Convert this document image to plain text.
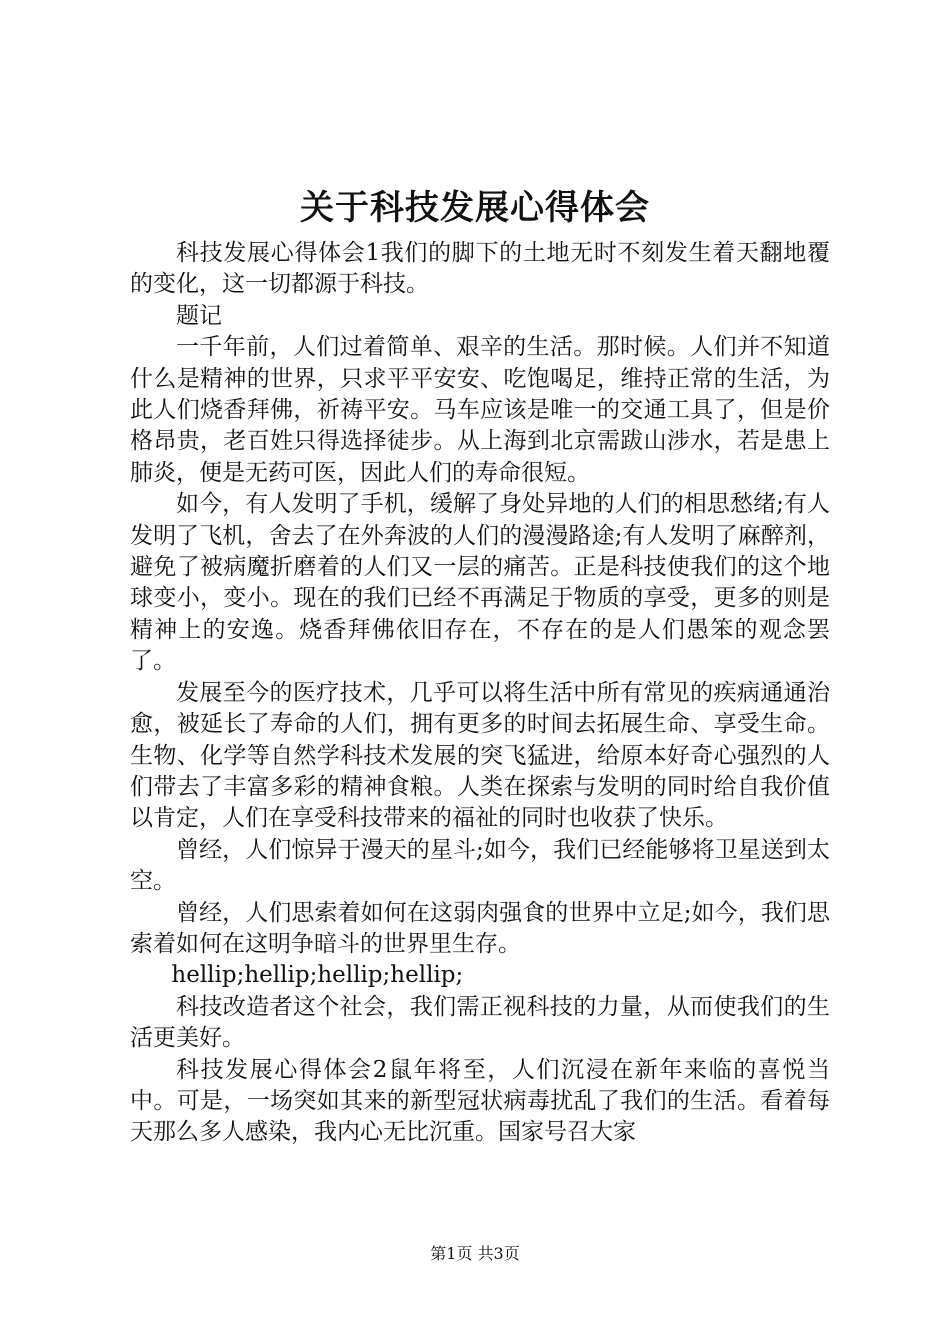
关于科技发展心得体会

科技发展心得体会1我们的脚下的土地无时不刻发生着天翻地覆的变化，这一切都源于科技。

题记

一千年前，人们过着简单、艰辛的生活。那时候。人们并不知道什么是精神的世界，只求平平安安、吃饱喝足，维持正常的生活，为此人们烧香拜佛，祈祷平安。马车应该是唯一的交通工具了，但是价格昂贵，老百姓只得选择徒步。从上海到北京需跋山涉水，若是患上肺炎，便是无药可医，因此人们的寿命很短。

如今，有人发明了手机，缓解了身处异地的人们的相思愁绪;有人发明了飞机，舍去了在外奔波的人们的漫漫路途;有人发明了麻醉剂，避免了被病魔折磨着的人们又一层的痛苦。正是科技使我们的这个地球变小，变小。现在的我们已经不再满足于物质的享受，更多的则是精神上的安逸。烧香拜佛依旧存在，不存在的是人们愚笨的观念罢了。

发展至今的医疗技术，几乎可以将生活中所有常见的疾病通通治愈，被延长了寿命的人们，拥有更多的时间去拓展生命、享受生命。生物、化学等自然学科技术发展的突飞猛进，给原本好奇心强烈的人们带去了丰富多彩的精神食粮。人类在探索与发明的同时给自我价值以肯定，人们在享受科技带来的福祉的同时也收获了快乐。

曾经，人们惊异于漫天的星斗;如今，我们已经能够将卫星送到太空。

曾经，人们思索着如何在这弱肉强食的世界中立足;如今，我们思索着如何在这明争暗斗的世界里生存。

hellip;hellip;hellip;hellip;

科技改造者这个社会，我们需正视科技的力量，从而使我们的生活更美好。

科技发展心得体会2鼠年将至，人们沉浸在新年来临的喜悦当中。可是，一场突如其来的新型冠状病毒扰乱了我们的生活。看着每天那么多人感染，我内心无比沉重。国家号召大家

第1页 共3页
